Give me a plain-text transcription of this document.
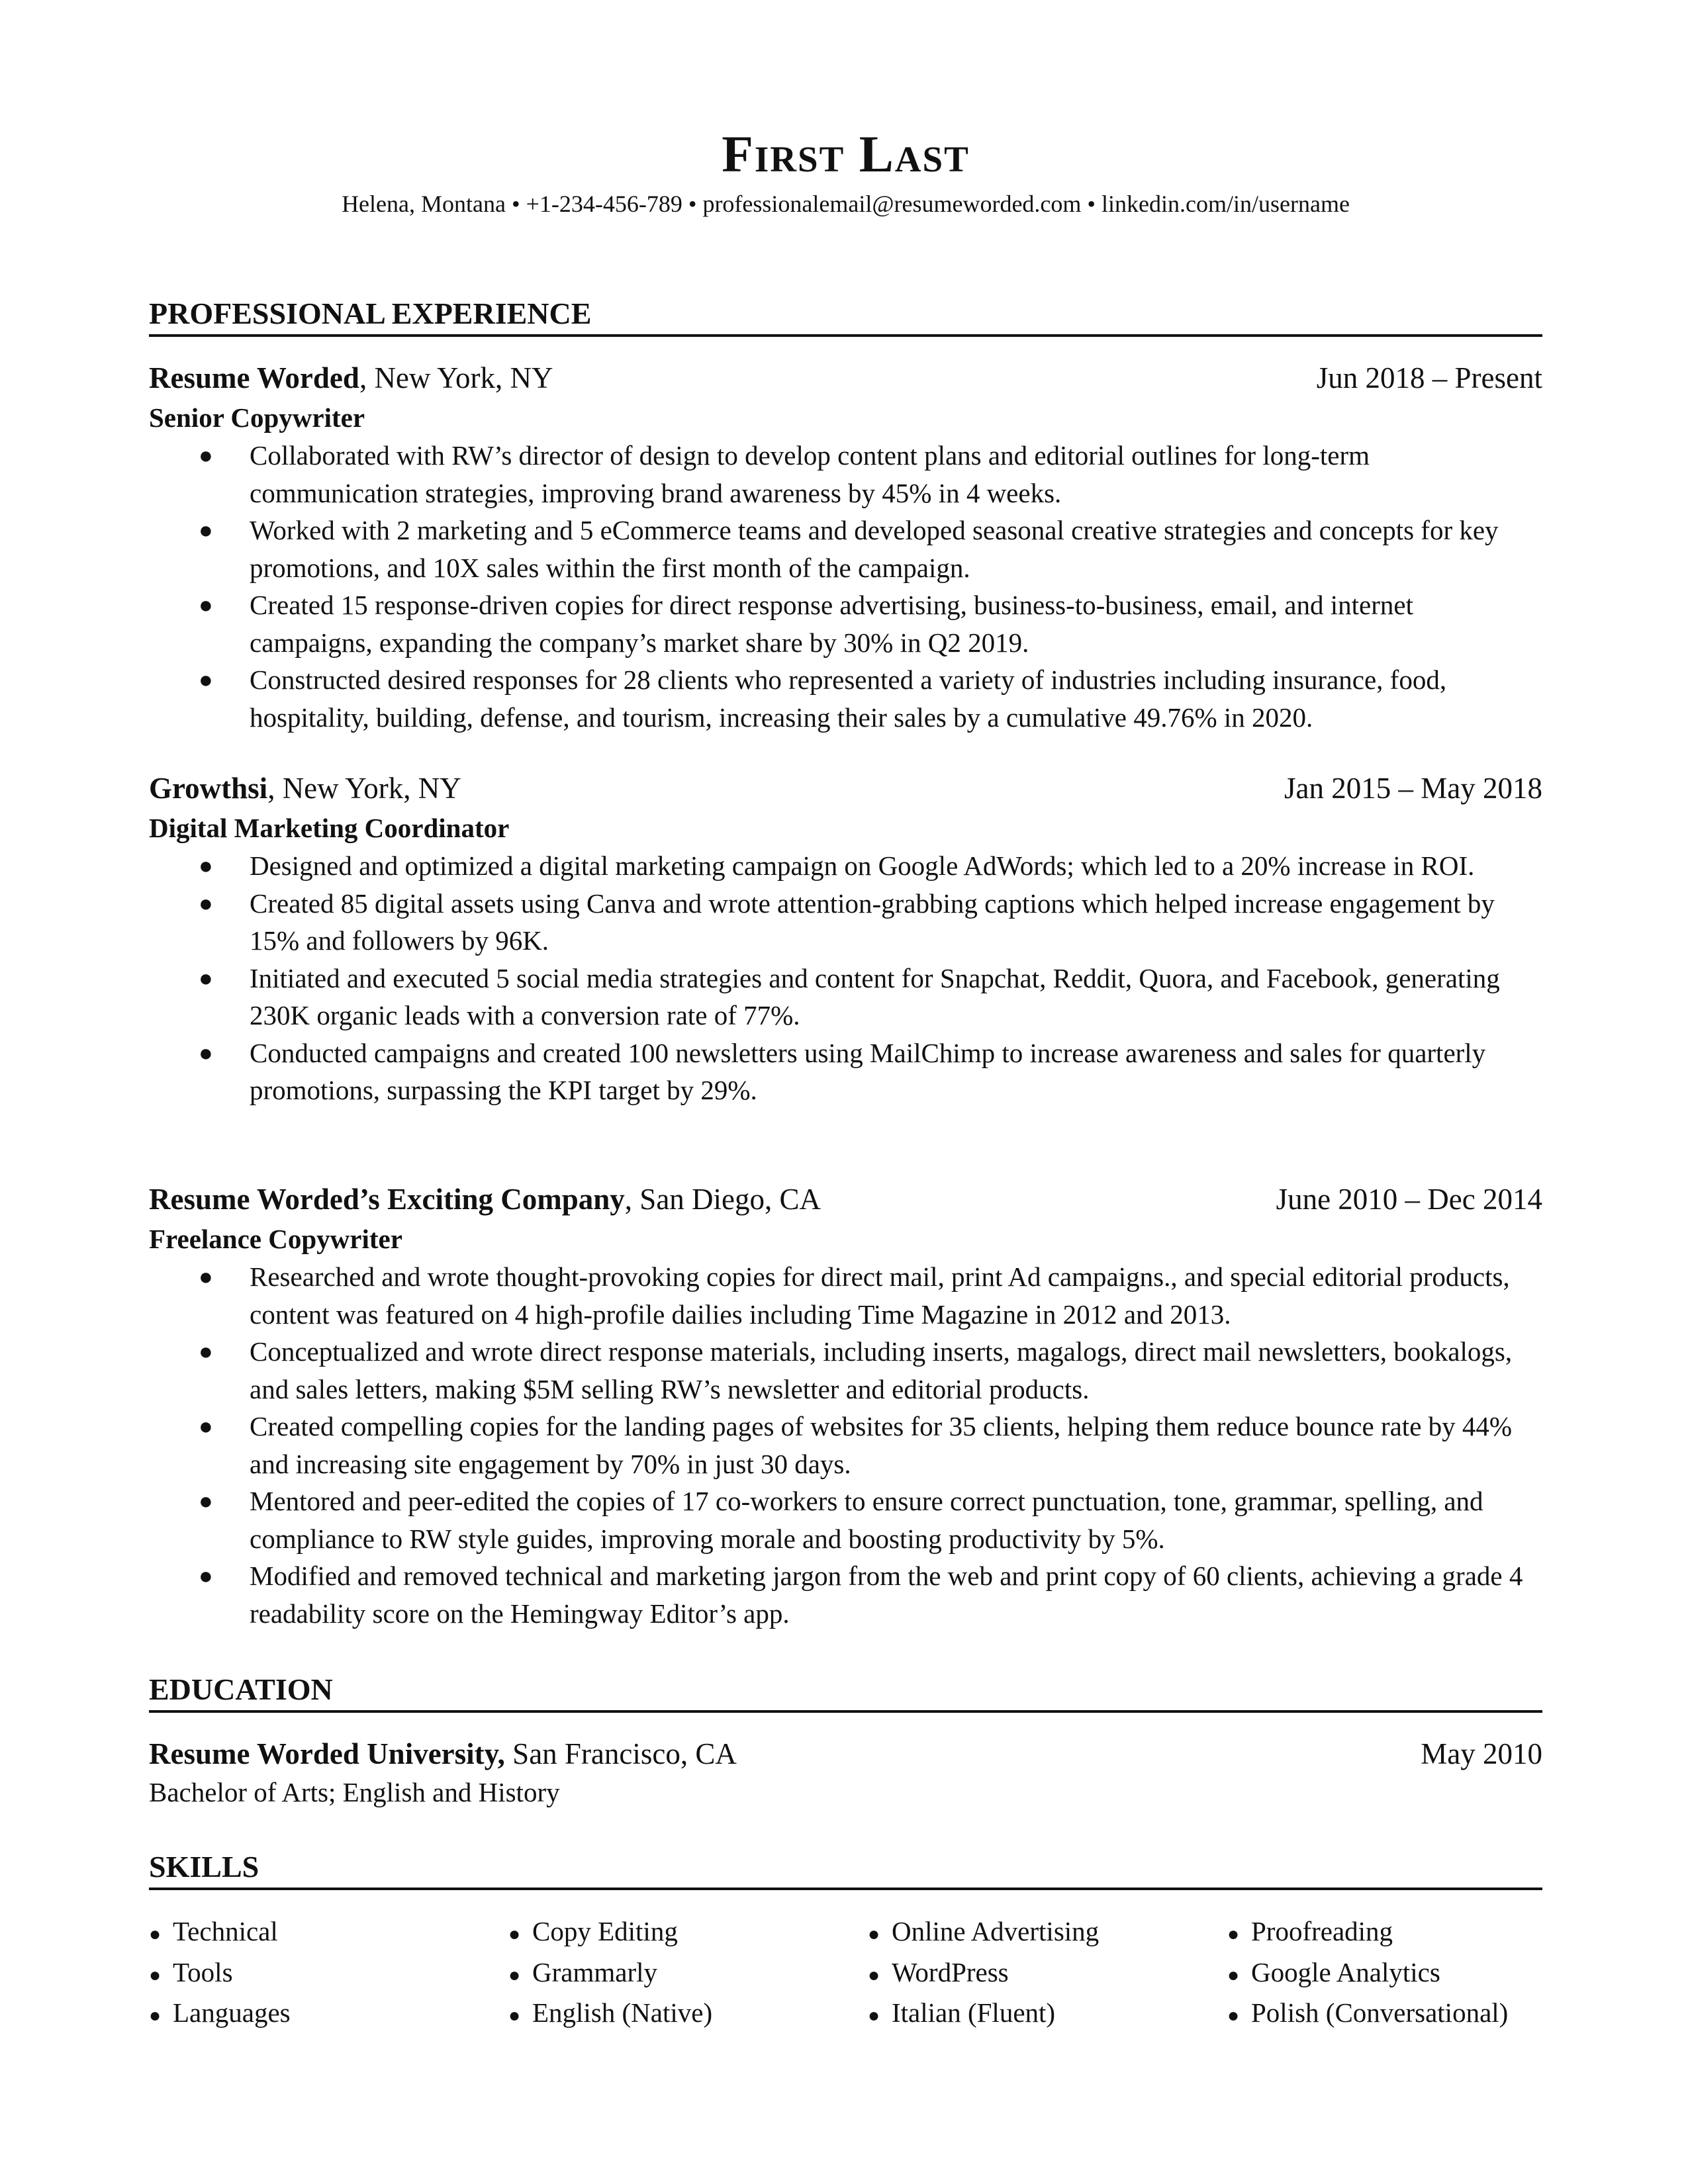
First Last
Helena, Montana • +1-234-456-789 • professionalemail@resumeworded.com • linkedin.com/in/username
PROFESSIONAL EXPERIENCE
Resume Worded, New York, NY	Jun 2018 – Present
Senior Copywriter
● Collaborated with RW’s director of design to develop content plans and editorial outlines for long-term communication strategies, improving brand awareness by 45% in 4 weeks.
● Worked with 2 marketing and 5 eCommerce teams and developed seasonal creative strategies and concepts for key promotions, and 10X sales within the first month of the campaign.
● Created 15 response-driven copies for direct response advertising, business-to-business, email, and internet campaigns, expanding the company’s market share by 30% in Q2 2019.
● Constructed desired responses for 28 clients who represented a variety of industries including insurance, food, hospitality, building, defense, and tourism, increasing their sales by a cumulative 49.76% in 2020.
Growthsi, New York, NY	Jan 2015 – May 2018
Digital Marketing Coordinator
● Designed and optimized a digital marketing campaign on Google AdWords; which led to a 20% increase in ROI.
● Created 85 digital assets using Canva and wrote attention-grabbing captions which helped increase engagement by 15% and followers by 96K.
● Initiated and executed 5 social media strategies and content for Snapchat, Reddit, Quora, and Facebook, generating 230K organic leads with a conversion rate of 77%.
● Conducted campaigns and created 100 newsletters using MailChimp to increase awareness and sales for quarterly promotions, surpassing the KPI target by 29%.
Resume Worded’s Exciting Company, San Diego, CA	June 2010 – Dec 2014
Freelance Copywriter
● Researched and wrote thought-provoking copies for direct mail, print Ad campaigns., and special editorial products, content was featured on 4 high-profile dailies including Time Magazine in 2012 and 2013.
● Conceptualized and wrote direct response materials, including inserts, magalogs, direct mail newsletters, bookalogs, and sales letters, making $5M selling RW’s newsletter and editorial products.
● Created compelling copies for the landing pages of websites for 35 clients, helping them reduce bounce rate by 44% and increasing site engagement by 70% in just 30 days.
● Mentored and peer-edited the copies of 17 co-workers to ensure correct punctuation, tone, grammar, spelling, and compliance to RW style guides, improving morale and boosting productivity by 5%.
● Modified and removed technical and marketing jargon from the web and print copy of 60 clients, achieving a grade 4 readability score on the Hemingway Editor’s app.
EDUCATION
Resume Worded University, San Francisco, CA	May 2010
Bachelor of Arts; English and History
SKILLS
● Technical	● Copy Editing	● Online Advertising	● Proofreading
● Tools	● Grammarly	● WordPress	● Google Analytics
● Languages	● English (Native)	● Italian (Fluent)	● Polish (Conversational)
